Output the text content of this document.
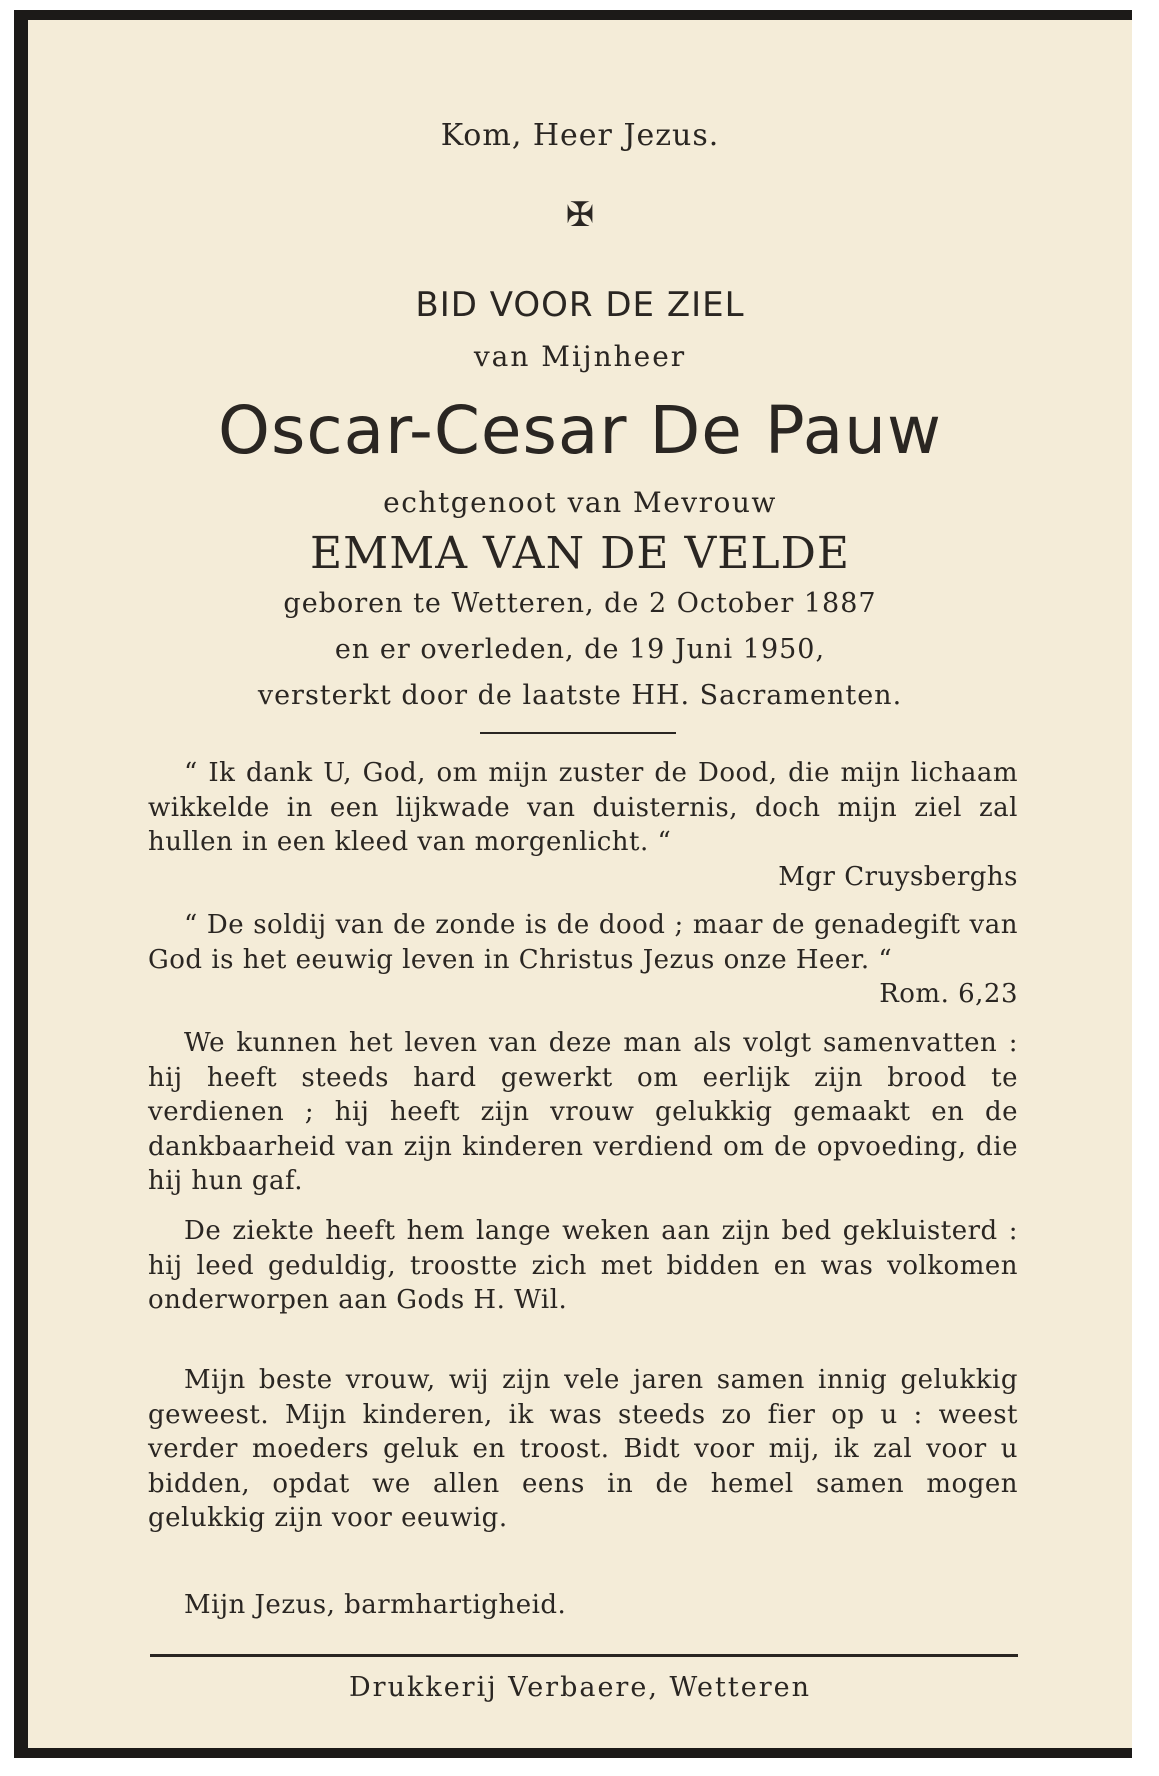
Kom, Heer Jezus.
✠
BID VOOR DE ZIEL
van Mijnheer
Oscar-Cesar De Pauw
echtgenoot van Mevrouw
EMMA VAN DE VELDE
geboren te Wetteren, de 2 October 1887
en er overleden, de 19 Juni 1950,
versterkt door de laatste HH. Sacramenten.

“ Ik dank U, God, om mijn zuster de Dood, die mijn lichaam wikkelde in een lijkwade van duisternis, doch mijn ziel zal hullen in een kleed van morgenlicht. “

Mgr Cruysberghs

“ De soldij van de zonde is de dood ; maar de genadegift van God is het eeuwig leven in Christus Jezus onze Heer. “

Rom. 6,23

We kunnen het leven van deze man als volgt samenvatten : hij heeft steeds hard gewerkt om eerlijk zijn brood te verdienen ; hij heeft zijn vrouw gelukkig gemaakt en de dankbaarheid van zijn kinderen verdiend om de opvoeding, die hij hun gaf.

De ziekte heeft hem lange weken aan zijn bed gekluisterd : hij leed geduldig, troostte zich met bidden en was volkomen onderworpen aan Gods H. Wil.

Mijn beste vrouw, wij zijn vele jaren samen innig gelukkig geweest. Mijn kinderen, ik was steeds zo fier op u : weest verder moeders geluk en troost. Bidt voor mij, ik zal voor u bidden, opdat we allen eens in de hemel samen mogen gelukkig zijn voor eeuwig.

Mijn Jezus, barmhartigheid.

Drukkerij Verbaere, Wetteren
